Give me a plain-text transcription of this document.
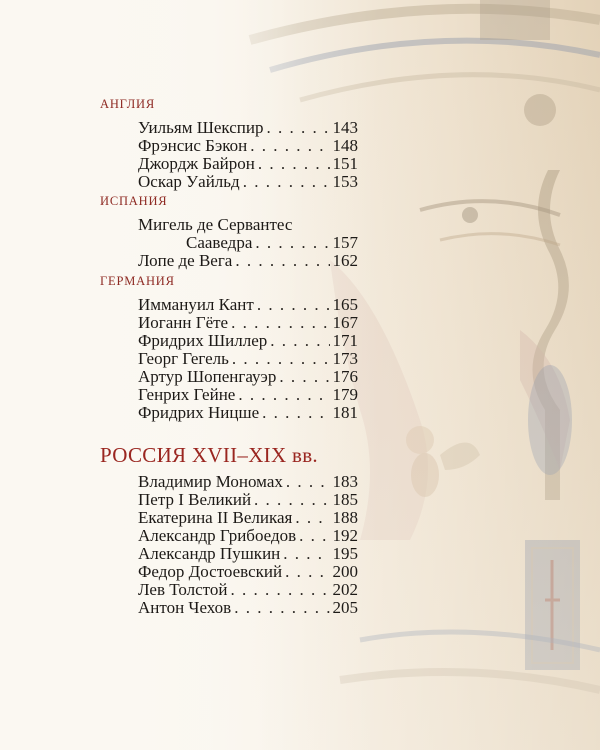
АНГЛИЯ
Уильям Шекспир . . .	143
Фрэнсис Бэкон . . .	148
Джордж Байрон . . .	151
Оскар Уайльд . . .	153
ИСПАНИЯ
Мигель де Сервантес
Сааведра . . .	157
Лопе де Вега . . .	162
ГЕРМАНИЯ
Иммануил Кант . . .	165
Иоганн Гёте . . .	167
Фридрих Шиллер . . .	171
Георг Гегель . . .	173
Артур Шопенгауэр . . .	176
Генрих Гейне . . .	179
Фридрих Ницше . . .	181
РОССИЯ XVII–XIX вв.
Владимир Мономах . . .	183
Петр I Великий . . .	185
Екатерина II Великая . . . 188
Александр Грибоедов . . . 192
Александр Пушкин . . .	195
Федор Достоевский . . .	200
Лев Толстой . . .	202
Антон Чехов . . .	205
